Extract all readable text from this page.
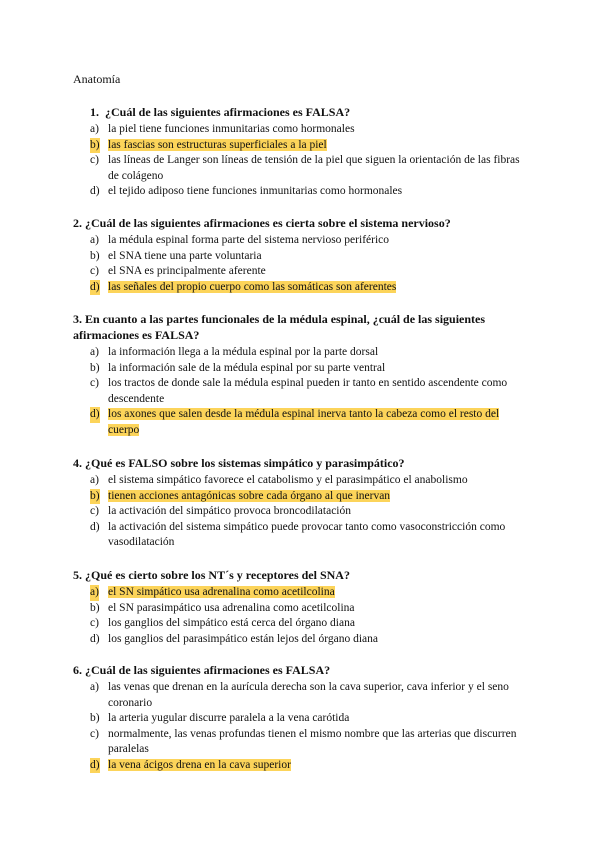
Anatomía
1. ¿Cuál de las siguientes afirmaciones es FALSA?
a) la piel tiene funciones inmunitarias como hormonales
b) las fascias son estructuras superficiales a la piel
c) las líneas de Langer son líneas de tensión de la piel que siguen la orientación de las fibras de colágeno
d) el tejido adiposo tiene funciones inmunitarias como hormonales
2. ¿Cuál de las siguientes afirmaciones es cierta sobre el sistema nervioso?
a) la médula espinal forma parte del sistema nervioso periférico
b) el SNA tiene una parte voluntaria
c) el SNA es principalmente aferente
d) las señales del propio cuerpo como las somáticas son aferentes
3. En cuanto a las partes funcionales de la médula espinal, ¿cuál de las siguientes afirmaciones es FALSA?
a) la información llega a la médula espinal por la parte dorsal
b) la información sale de la médula espinal por su parte ventral
c) los tractos de donde sale la médula espinal pueden ir tanto en sentido ascendente como descendente
d) los axones que salen desde la médula espinal inerva tanto la cabeza como el resto del cuerpo
4. ¿Qué es FALSO sobre los sistemas simpático y parasimpático?
a) el sistema simpático favorece el catabolismo y el parasimpático el anabolismo
b) tienen acciones antagónicas sobre cada órgano al que inervan
c) la activación del simpático provoca broncodilatación
d) la activación del sistema simpático puede provocar tanto como vasoconstricción como vasodilatación
5. ¿Qué es cierto sobre los NT´s y receptores del SNA?
a) el SN simpático usa adrenalina como acetilcolina
b) el SN parasimpático usa adrenalina como acetilcolina
c) los ganglios del simpático está cerca del órgano diana
d) los ganglios del parasimpático están lejos del órgano diana
6. ¿Cuál de las siguientes afirmaciones es FALSA?
a) las venas que drenan en la aurícula derecha son la cava superior, cava inferior y el seno coronario
b) la arteria yugular discurre paralela a la vena carótida
c) normalmente, las venas profundas tienen el mismo nombre que las arterias que discurren paralelas
d) la vena ácigos drena en la cava superior
